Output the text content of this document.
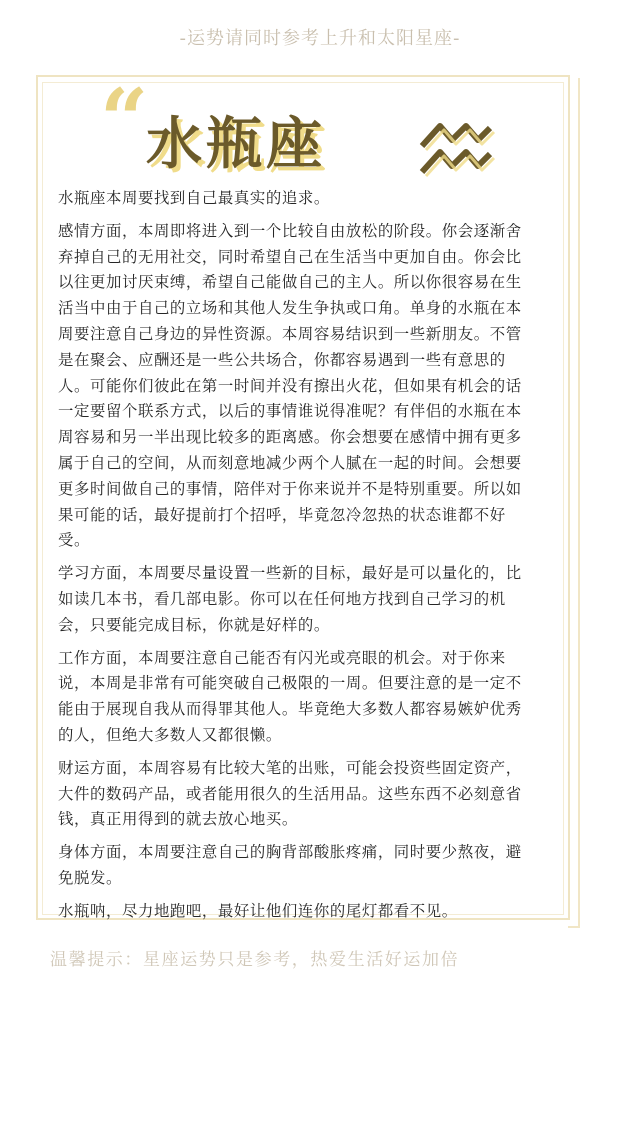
-运势请同时参考上升和太阳星座-
“
水瓶座

水瓶座本周要找到自己最真实的追求。

感情方面，本周即将进入到一个比较自由放松的阶段。你会逐渐舍弃掉自己的无用社交，同时希望自己在生活当中更加自由。你会比以往更加讨厌束缚，希望自己能做自己的主人。所以你很容易在生活当中由于自己的立场和其他人发生争执或口角。单身的水瓶在本周要注意自己身边的异性资源。本周容易结识到一些新朋友。不管是在聚会、应酬还是一些公共场合，你都容易遇到一些有意思的人。可能你们彼此在第一时间并没有擦出火花，但如果有机会的话一定要留个联系方式，以后的事情谁说得准呢？有伴侣的水瓶在本周容易和另一半出现比较多的距离感。你会想要在感情中拥有更多属于自己的空间，从而刻意地减少两个人腻在一起的时间。会想要更多时间做自己的事情，陪伴对于你来说并不是特别重要。所以如果可能的话，最好提前打个招呼，毕竟忽冷忽热的状态谁都不好受。

学习方面，本周要尽量设置一些新的目标，最好是可以量化的，比如读几本书，看几部电影。你可以在任何地方找到自己学习的机会，只要能完成目标，你就是好样的。

工作方面，本周要注意自己能否有闪光或亮眼的机会。对于你来说，本周是非常有可能突破自己极限的一周。但要注意的是一定不能由于展现自我从而得罪其他人。毕竟绝大多数人都容易嫉妒优秀的人，但绝大多数人又都很懒。

财运方面，本周容易有比较大笔的出账，可能会投资些固定资产，大件的数码产品，或者能用很久的生活用品。这些东西不必刻意省钱，真正用得到的就去放心地买。

身体方面，本周要注意自己的胸背部酸胀疼痛，同时要少熬夜，避免脱发。

水瓶呐，尽力地跑吧，最好让他们连你的尾灯都看不见。

温馨提示：星座运势只是参考，热爱生活好运加倍
